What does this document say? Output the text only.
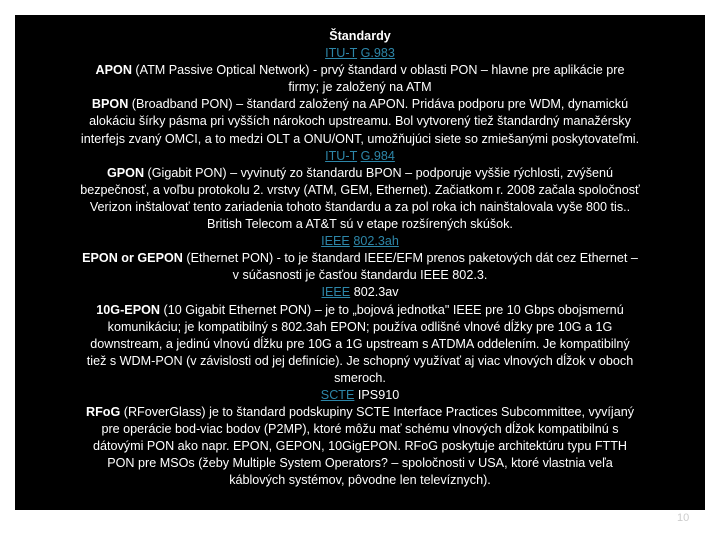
Štandardy
ITU-T G.983
APON (ATM Passive Optical Network) - prvý štandard v oblasti PON – hlavne pre aplikácie pre
firmy; je založený na ATM
BPON (Broadband PON) – štandard založený na APON. Pridáva podporu pre WDM, dynamickú
alokáciu šírky pásma pri vyšších nárokoch upstreamu. Bol vytvorený tiež štandardný manažérsky
interfejs zvaný OMCI, a to medzi OLT a ONU/ONT, umožňujúci siete so zmiešanými poskytovateľmi.
ITU-T G.984
GPON (Gigabit PON) – vyvinutý zo štandardu BPON – podporuje vyššie rýchlosti, zvýšenú
bezpečnosť, a voľbu protokolu 2. vrstvy (ATM, GEM, Ethernet). Začiatkom r. 2008 začala spoločnosť
Verizon inštalovať tento zariadenia tohoto štandardu a za pol roka ich nainštalovala vyše 800 tis..
British Telecom a AT&T sú v etape rozšírených skúšok.
IEEE 802.3ah
EPON or GEPON (Ethernet PON) - to je štandard IEEE/EFM prenos paketových dát cez Ethernet –
v súčasnosti je časťou štandardu IEEE 802.3.
IEEE 802.3av
10G-EPON (10 Gigabit Ethernet PON) – je to „bojová jednotka" IEEE pre 10 Gbps obojsmernú
komunikáciu; je kompatibilný s 802.3ah EPON; používa odlišné vlnové dĺžky pre 10G a 1G
downstream, a jedinú vlnovú dĺžku pre 10G a 1G upstream s ATDMA oddelením. Je kompatibilný
tiež s WDM-PON (v závislosti od jej definície). Je schopný využívať aj viac vlnových dĺžok v oboch
smeroch.
SCTE IPS910
RFoG (RFoverGlass) je to štandard podskupiny SCTE Interface Practices Subcommittee, vyvíjaný
pre operácie bod-viac bodov (P2MP), ktoré môžu mať schému vlnových dĺžok kompatibilnú s
dátovými PON ako napr. EPON, GEPON, 10GigEPON. RFoG poskytuje architektúru typu FTTH
PON pre MSOs (žeby Multiple System Operators? – spoločnosti v USA, ktoré vlastnia veľa
káblových systémov, pôvodne len televíznych).
10
